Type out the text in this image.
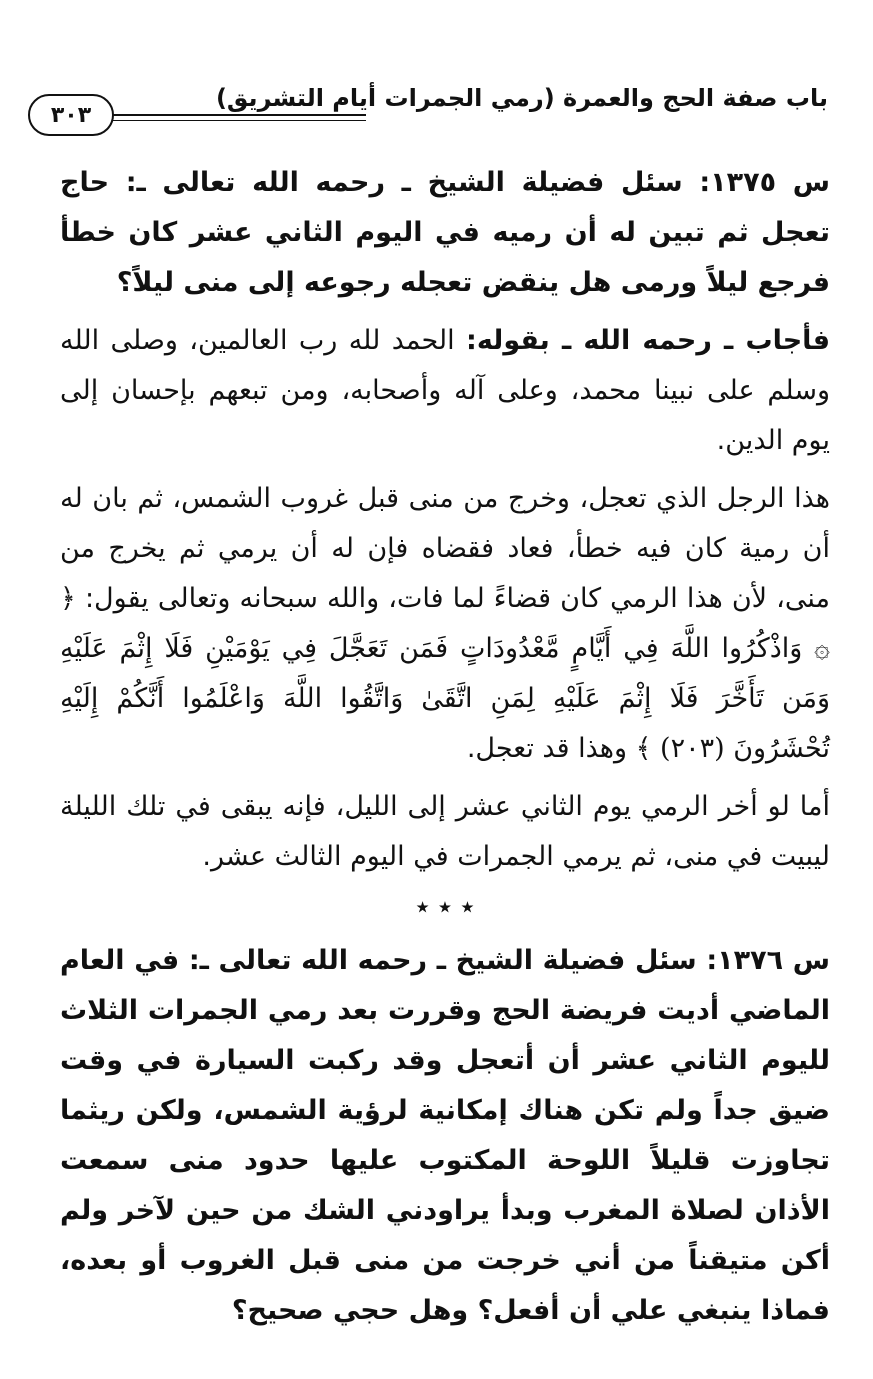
باب صفة الحج والعمرة (رمي الجمرات أيام التشريق)
٣٠٣

س ١٣٧٥: سئل فضيلة الشيخ ـ رحمه الله تعالى ـ: حاج تعجل ثم تبين له أن رميه في اليوم الثاني عشر كان خطأ فرجع ليلاً ورمى هل ينقض تعجله رجوعه إلى منى ليلاً؟

فأجاب ـ رحمه الله ـ بقوله: الحمد لله رب العالمين، وصلى الله وسلم على نبينا محمد، وعلى آله وأصحابه، ومن تبعهم بإحسان إلى يوم الدين.

هذا الرجل الذي تعجل، وخرج من منى قبل غروب الشمس، ثم بان له أن رمية كان فيه خطأ، فعاد فقضاه فإن له أن يرمي ثم يخرج من منى، لأن هذا الرمي كان قضاءً لما فات، والله سبحانه وتعالى يقول: ﴿ ۞ وَاذْكُرُوا اللَّهَ فِي أَيَّامٍ مَّعْدُودَاتٍ فَمَن تَعَجَّلَ فِي يَوْمَيْنِ فَلَا إِثْمَ عَلَيْهِ وَمَن تَأَخَّرَ فَلَا إِثْمَ عَلَيْهِ لِمَنِ اتَّقَىٰ وَاتَّقُوا اللَّهَ وَاعْلَمُوا أَنَّكُمْ إِلَيْهِ تُحْشَرُونَ (٢٠٣) ﴾ وهذا قد تعجل.

أما لو أخر الرمي يوم الثاني عشر إلى الليل، فإنه يبقى في تلك الليلة ليبيت في منى، ثم يرمي الجمرات في اليوم الثالث عشر.

٭ ٭ ٭

س ١٣٧٦: سئل فضيلة الشيخ ـ رحمه الله تعالى ـ: في العام الماضي أديت فريضة الحج وقررت بعد رمي الجمرات الثلاث لليوم الثاني عشر أن أتعجل وقد ركبت السيارة في وقت ضيق جداً ولم تكن هناك إمكانية لرؤية الشمس، ولكن ريثما تجاوزت قليلاً اللوحة المكتوب عليها حدود منى سمعت الأذان لصلاة المغرب وبدأ يراودني الشك من حين لآخر ولم أكن متيقناً من أني خرجت من منى قبل الغروب أو بعده، فماذا ينبغي علي أن أفعل؟ وهل حجي صحيح؟
